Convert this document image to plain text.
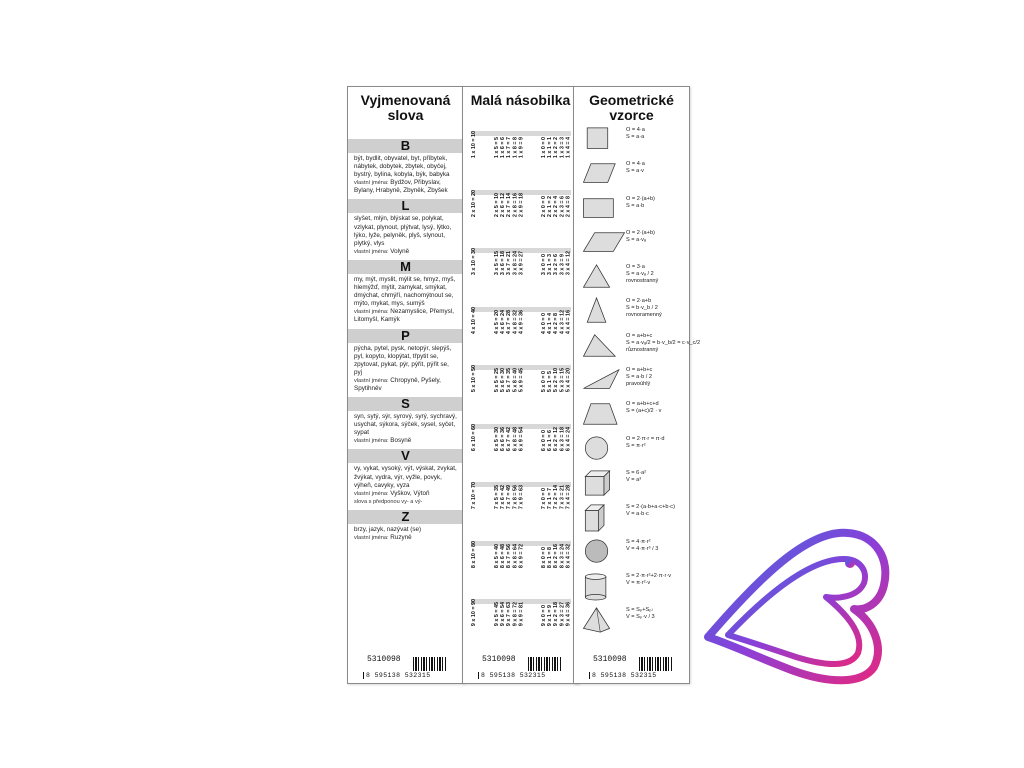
Vyjmenovaná slova
B
být, bydlit, obyvatel, byt, příbytek, nábytek, dobytek, zbytek, obyčej, bystrý, bylina, kobyla, býk, babyka
vlastní jména: Bydžov, Přibyslav, Bylany, Hrabyně, Zbyněk, Zbyšek
L
slyšet, mlýn, blýskat se, polykat, vzlykat, plynout, plýtvat, lysý, lýtko, lýko, lyže, pelyněk, plyš, slynout, plytký, vlys
vlastní jména: Volyně
M
my, mýt, myslit, mýlit se, hmyz, myš, hlemýžď, mýtit, zamykat, smýkat, dmýchat, chmýří, nachomýtnout se, mýto, mykat, mys, sumýš
vlastní jména: Nezamyslice, Přemysl, Litomyšl, Kamýk
P
pýcha, pytel, pysk, netopýr, slepýš, pyl, kopyto, klopýtat, třpytit se, zpytovat, pykat, pýr, pýřit, pýřit se, pyj
vlastní jména: Chropyně, Pyšely, Spytihněv
S
syn, sytý, sýr, syrový, syrý, sychravý, usychat, sýkora, sýček, sysel, syčet, sypat
vlastní jména: Bosyně
V
vy, vykat, vysoký, výt, výskat, zvykat, žvýkat, vydra, výr, vyžle, povyk, výheň, cavyky, vyza
vlastní jména: Vyškov, Výtoň
slova s předponou vy- a vý-
Z
brzy, jazyk, nazývat (se)
vlastní jména: Ruzyně
5310098
8 595138 532315
Malá násobilka
1 x 10 = 10	1 x 5 = 5 1 x 6 = 6 1 x 7 = 7 1 x 8 = 8 1 x 9 = 9	1 x 0 = 0 1 x 1 = 1 1 x 2 = 2 1 x 3 = 3 1 x 4 = 4
2 x 10 = 20	2 x 5 = 10 2 x 6 = 12 2 x 7 = 14 2 x 8 = 16 2 x 9 = 18	2 x 0 = 0 2 x 1 = 2 2 x 2 = 4 2 x 3 = 6 2 x 4 = 8
3 x 10 = 30	3 x 5 = 15 3 x 6 = 18 3 x 7 = 21 3 x 8 = 24 3 x 9 = 27	3 x 0 = 0 3 x 1 = 3 3 x 2 = 6 3 x 3 = 9 3 x 4 = 12
4 x 10 = 40	4 x 5 = 20 4 x 6 = 24 4 x 7 = 28 4 x 8 = 32 4 x 9 = 36	4 x 0 = 0 4 x 1 = 4 4 x 2 = 8 4 x 3 = 12 4 x 4 = 16
5 x 10 = 50	5 x 5 = 25 5 x 6 = 30 5 x 7 = 35 5 x 8 = 40 5 x 9 = 45	5 x 0 = 0 5 x 1 = 5 5 x 2 = 10 5 x 3 = 15 5 x 4 = 20
6 x 10 = 60	6 x 5 = 30 6 x 6 = 36 6 x 7 = 42 6 x 8 = 48 6 x 9 = 54	6 x 0 = 0 6 x 1 = 6 6 x 2 = 12 6 x 3 = 18 6 x 4 = 24
7 x 10 = 70	7 x 5 = 35 7 x 6 = 42 7 x 7 = 49 7 x 8 = 56 7 x 9 = 63	7 x 0 = 0 7 x 1 = 7 7 x 2 = 14 7 x 3 = 21 7 x 4 = 28
8 x 10 = 80	8 x 5 = 40 8 x 6 = 48 8 x 7 = 56 8 x 8 = 64 8 x 9 = 72	8 x 0 = 0 8 x 1 = 8 8 x 2 = 16 8 x 3 = 24 8 x 4 = 32
9 x 10 = 90	9 x 5 = 45 9 x 6 = 54 9 x 7 = 63 9 x 8 = 72 9 x 9 = 81	9 x 0 = 0 9 x 1 = 9 9 x 2 = 18 9 x 3 = 27 9 x 4 = 36
5310098
8 595138 532315
Geometrické vzorce
O = 4·a
S = a·a
O = 4·a
S = a·v
O = 2·(a+b)
S = a·b
O = 2·(a+b)
S = a·vₐ
O = 3·a
S = a·vₐ / 2
rovnostranný
O = 2·a+b
S = b·v_b / 2
rovnoramenný
O = a+b+c
S = a·vₐ/2 = b·v_b/2 = c·v_c/2
různostranný
O = a+b+c
S = a·b / 2
pravoúhlý
O = a+b+c+d
S = (a+c)/2 · v
O = 2·π·r = π·d
S = π·r²
S = 6·a²
V = a³
S = 2·(a·b+a·c+b·c)
V = a·b·c
S = 4·π·r²
V = 4·π·r³ / 3
S = 2·π·r²+2·π·r·v
V = π·r²·v
S = Sₚ+Sₚₗ
V = Sₚ·v / 3
5310098
8 595138 532315
